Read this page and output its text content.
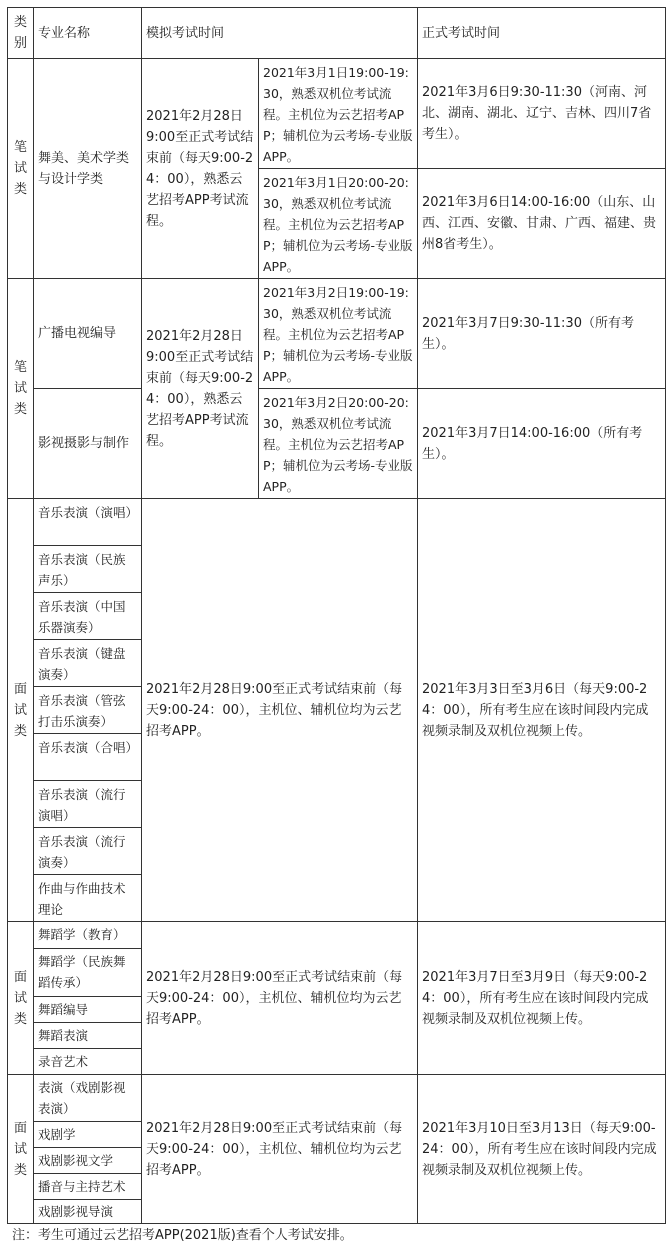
类别
专业名称	模拟考试时间	正式考试时间
笔试类
舞美、美术学类与设计学类
2021年2月28日9:00至正式考试结束前（每天9:00-24：00），熟悉云艺招考APP考试流程。
2021年3月1日19:00-19:30，熟悉双机位考试流程。主机位为云艺招考APP；辅机位为云考场-专业版APP。
2021年3月1日20:00-20:30，熟悉双机位考试流程。主机位为云艺招考APP；辅机位为云考场-专业版APP。
2021年3月6日9:30-11:30（河南、河北、湖南、湖北、辽宁、吉林、四川7省考生）。
2021年3月6日14:00-16:00（山东、山西、江西、安徽、甘肃、广西、福建、贵州8省考生）。
笔试类
广播电视编导
影视摄影与制作
2021年2月28日9:00至正式考试结束前（每天9:00-24：00），熟悉云艺招考APP考试流程。
2021年3月2日19:00-19:30，熟悉双机位考试流程。主机位为云艺招考APP；辅机位为云考场-专业版APP。
2021年3月2日20:00-20:30，熟悉双机位考试流程。主机位为云艺招考APP；辅机位为云考场-专业版APP。
2021年3月7日9:30-11:30（所有考生）。
2021年3月7日14:00-16:00（所有考生）。
面试类
音乐表演（演唱）
音乐表演（民族声乐）
音乐表演（中国乐器演奏）
音乐表演（键盘演奏）
音乐表演（管弦打击乐演奏）
音乐表演（合唱）
音乐表演（流行演唱）
音乐表演（流行演奏）
作曲与作曲技术理论
2021年2月28日9:00至正式考试结束前（每天9:00-24：00），主机位、辅机位均为云艺招考APP。
2021年3月3日至3月6日（每天9:00-24：00），所有考生应在该时间段内完成视频录制及双机位视频上传。
面试类
舞蹈学（教育）
舞蹈学（民族舞蹈传承）
舞蹈编导
舞蹈表演
录音艺术
2021年2月28日9:00至正式考试结束前（每天9:00-24：00），主机位、辅机位均为云艺招考APP。
2021年3月7日至3月9日（每天9:00-24：00），所有考生应在该时间段内完成视频录制及双机位视频上传。
面试类
表演（戏剧影视表演）
戏剧学
戏剧影视文学
播音与主持艺术
戏剧影视导演
2021年2月28日9:00至正式考试结束前（每天9:00-24：00），主机位、辅机位均为云艺招考APP。
2021年3月10日至3月13日（每天9:00-24：00），所有考生应在该时间段内完成视频录制及双机位视频上传。
注：考生可通过云艺招考APP(2021版)查看个人考试安排。
